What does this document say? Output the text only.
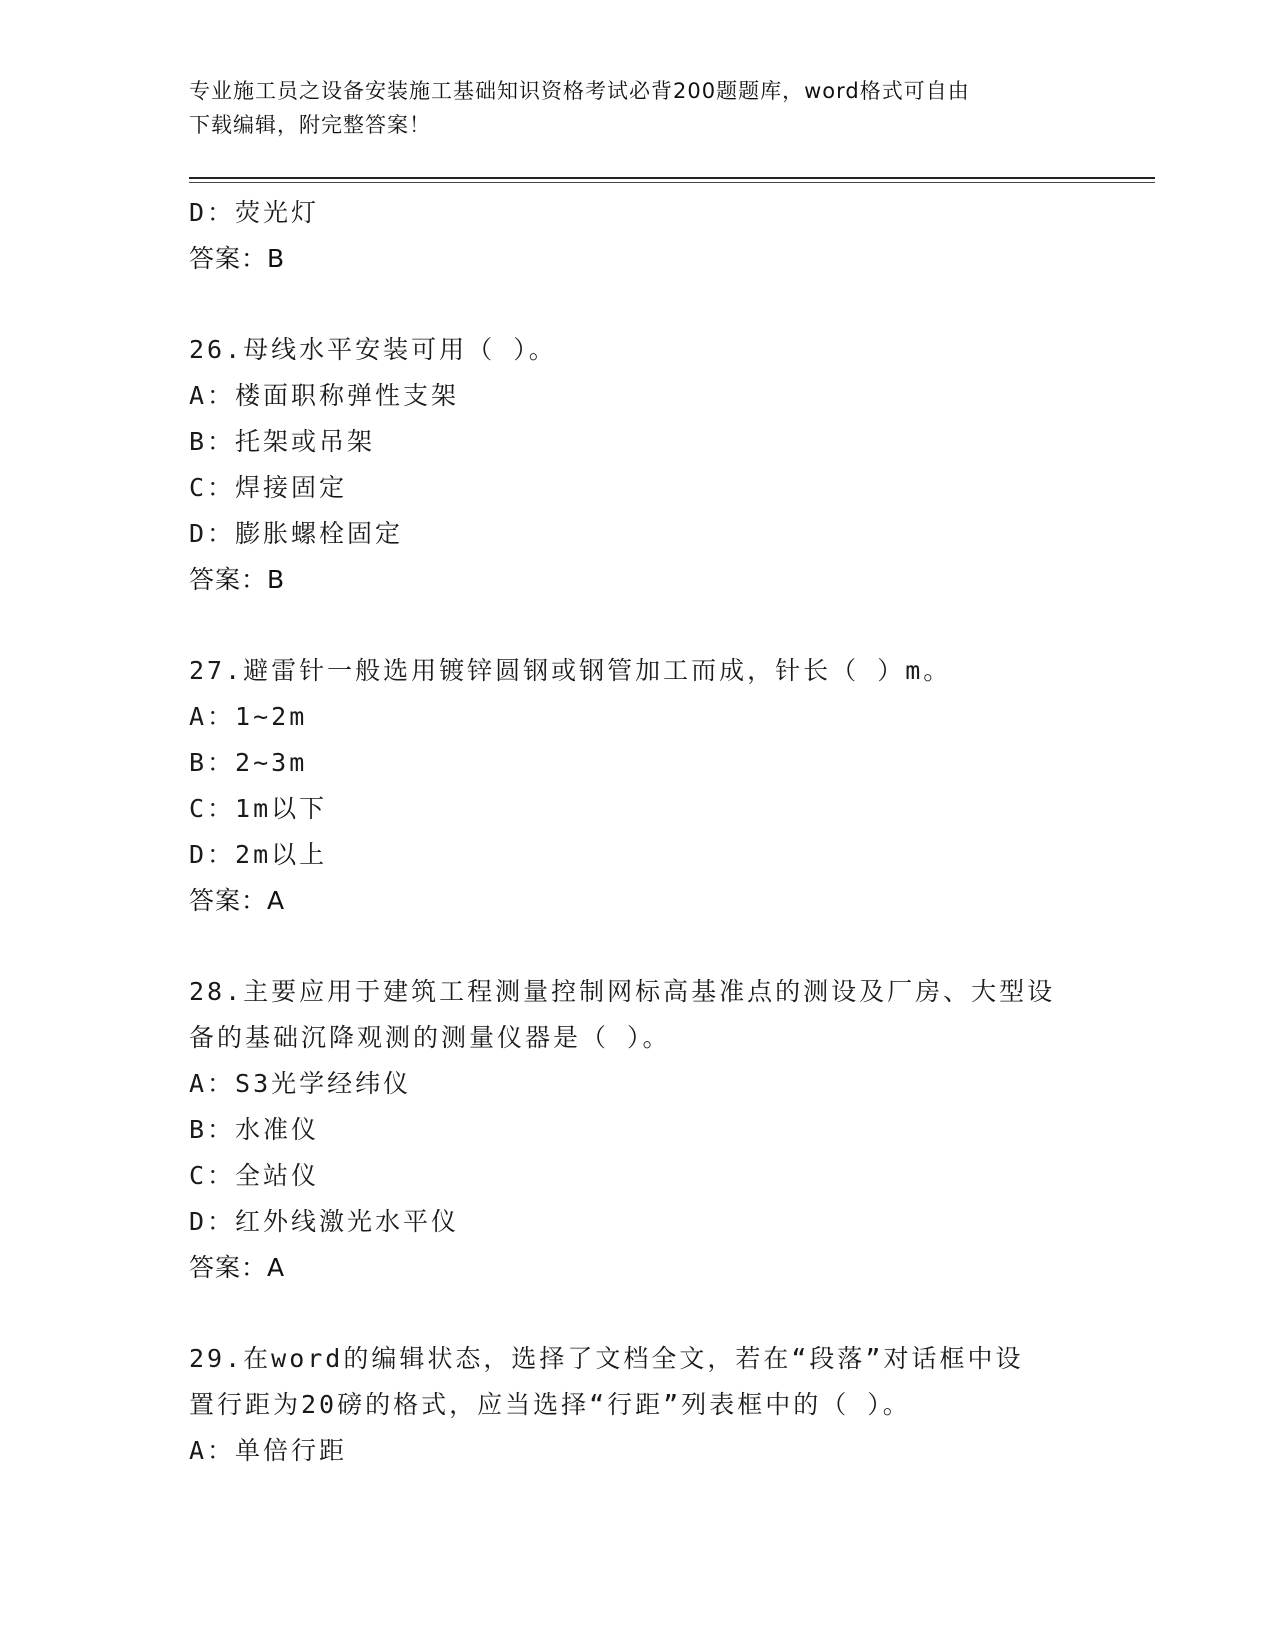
专业施工员之设备安装施工基础知识资格考试必背200题题库，word格式可自由
下载编辑，附完整答案！
D：荧光灯
答案：B
26.母线水平安装可用（ ）。
A：楼面职称弹性支架
B：托架或吊架
C：焊接固定
D：膨胀螺栓固定
答案：B
27.避雷针一般选用镀锌圆钢或钢管加工而成，针长（ ）m。
A：1~2m
B：2~3m
C：1m以下
D：2m以上
答案：A
28.主要应用于建筑工程测量控制网标高基准点的测设及厂房、大型设
备的基础沉降观测的测量仪器是（ ）。
A：S3光学经纬仪
B：水准仪
C：全站仪
D：红外线激光水平仪
答案：A
29.在word的编辑状态，选择了文档全文，若在“段落”对话框中设
置行距为20磅的格式，应当选择“行距”列表框中的（ ）。
A：单倍行距
